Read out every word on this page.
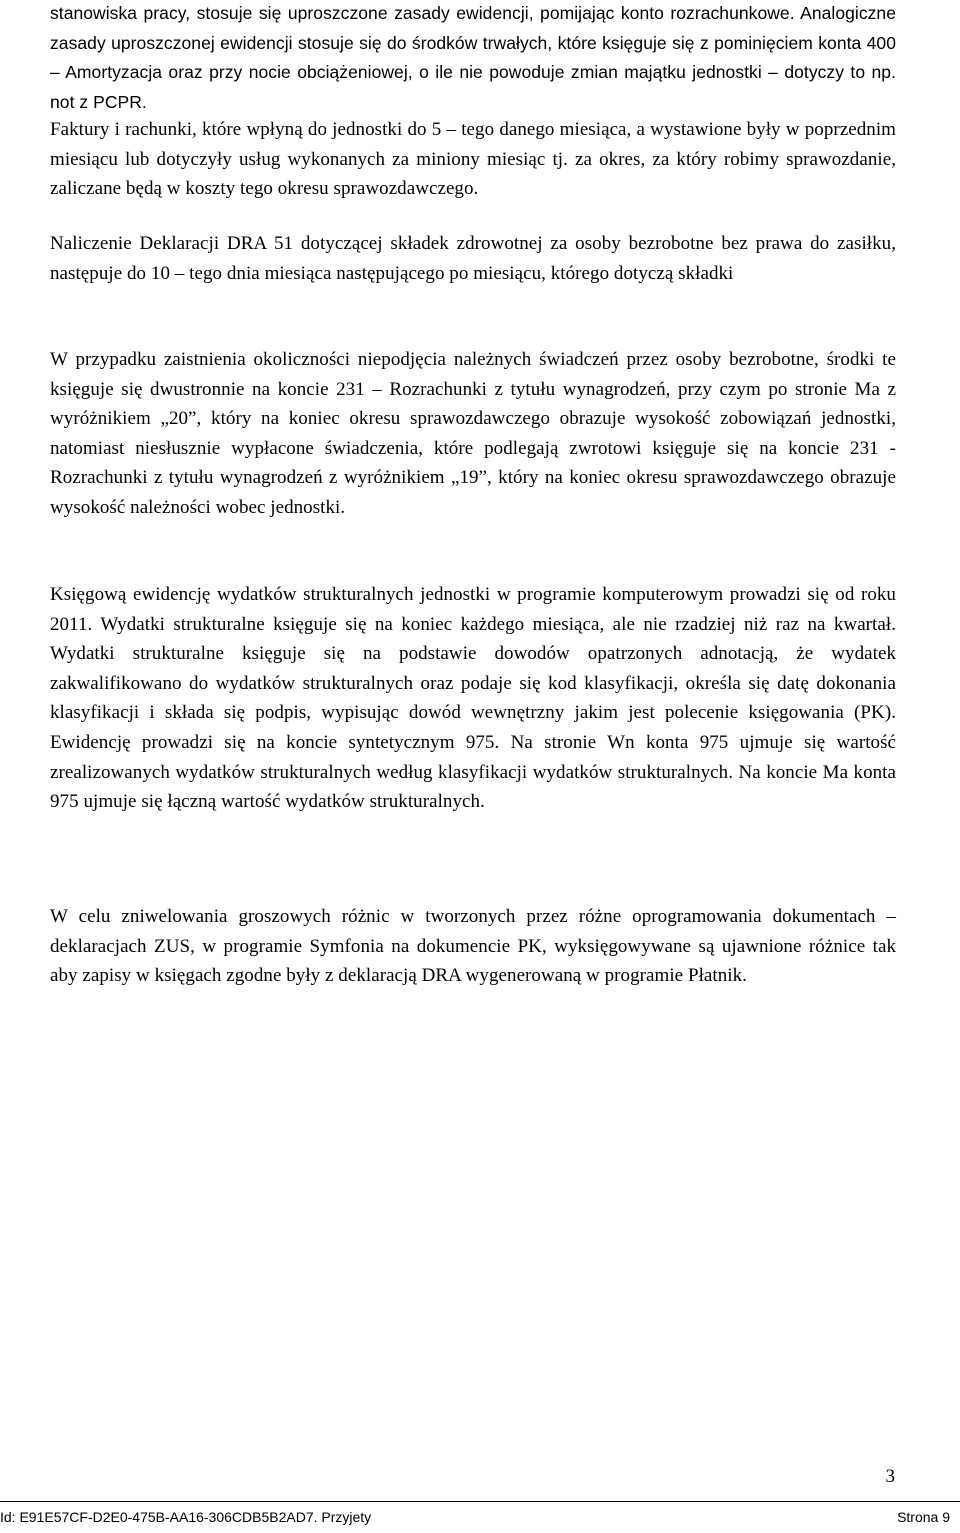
stanowiska pracy, stosuje się uproszczone zasady ewidencji, pomijając konto rozrachunkowe. Analogiczne zasady uproszczonej ewidencji stosuje się do środków trwałych, które księguje się z pominięciem konta 400 – Amortyzacja oraz przy nocie obciążeniowej, o ile nie powoduje zmian majątku jednostki – dotyczy to np. not z PCPR.

Faktury i rachunki, które wpłyną do jednostki do 5 – tego danego miesiąca, a wystawione były w poprzednim miesiącu lub dotyczyły usług wykonanych za miniony miesiąc tj. za okres, za który robimy sprawozdanie, zaliczane będą w koszty tego okresu sprawozdawczego.

Naliczenie Deklaracji DRA 51 dotyczącej składek zdrowotnej za osoby bezrobotne bez prawa do zasiłku, następuje do 10 – tego dnia miesiąca następującego po miesiącu, którego dotyczą składki

W przypadku zaistnienia okoliczności niepodjęcia należnych świadczeń przez osoby bezrobotne, środki te księguje się dwustronnie na koncie 231 – Rozrachunki z tytułu wynagrodzeń, przy czym po stronie Ma z wyróżnikiem „20”, który na koniec okresu sprawozdawczego obrazuje wysokość zobowiązań jednostki, natomiast niesłusznie wypłacone świadczenia, które podlegają zwrotowi księguje się na koncie 231 - Rozrachunki z tytułu wynagrodzeń z wyróżnikiem „19”, który na koniec okresu sprawozdawczego obrazuje wysokość należności wobec jednostki.

Księgową ewidencję wydatków strukturalnych jednostki w programie komputerowym prowadzi się od roku 2011. Wydatki strukturalne księguje się na koniec każdego miesiąca, ale nie rzadziej niż raz na kwartał. Wydatki strukturalne księguje się na podstawie dowodów opatrzonych adnotacją, że wydatek zakwalifikowano do wydatków strukturalnych oraz podaje się kod klasyfikacji, określa się datę dokonania klasyfikacji i składa się podpis, wypisując dowód wewnętrzny jakim jest polecenie księgowania (PK). Ewidencję prowadzi się na koncie syntetycznym 975. Na stronie Wn konta 975 ujmuje się wartość zrealizowanych wydatków strukturalnych według klasyfikacji wydatków strukturalnych. Na koncie Ma konta 975 ujmuje się łączną wartość wydatków strukturalnych.

W celu zniwelowania groszowych różnic w tworzonych przez różne oprogramowania dokumentach – deklaracjach ZUS, w programie Symfonia na dokumencie PK, wyksięgowywane są ujawnione różnice tak aby zapisy w księgach zgodne były z deklaracją DRA wygenerowaną w programie Płatnik.

3

Id: E91E57CF-D2E0-475B-AA16-306CDB5B2AD7. Przyjety	Strona 9
